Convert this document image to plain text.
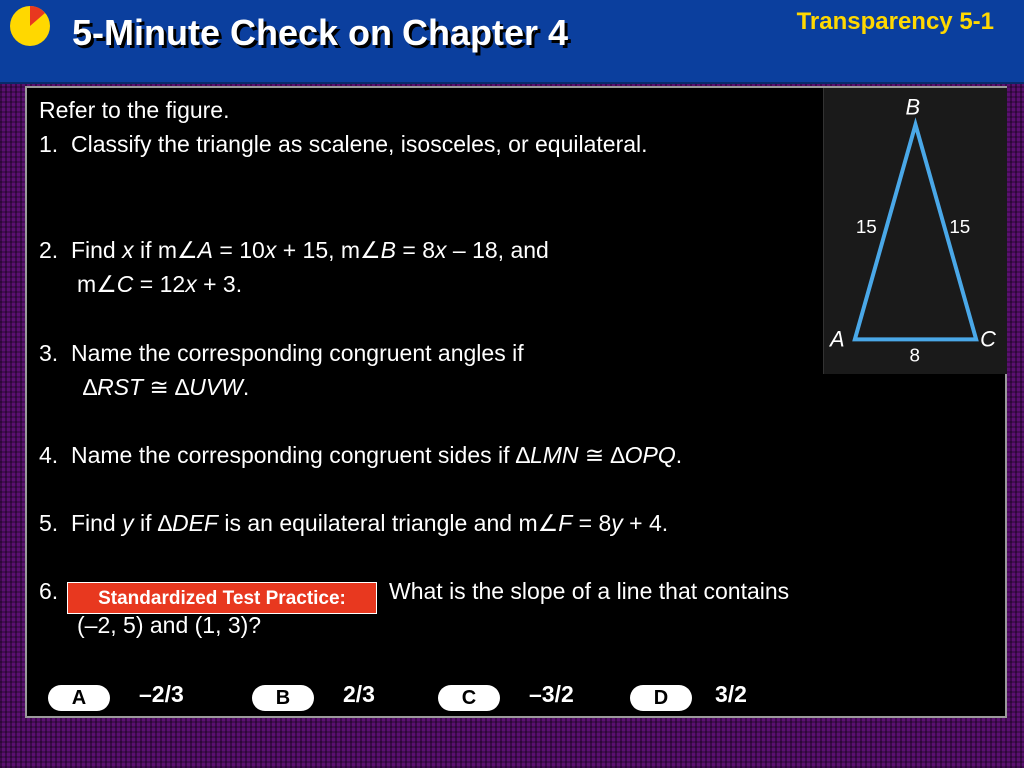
5-Minute Check on Chapter 4	Transparency 5-1
Refer to the figure.
1. Classify the triangle as scalene, isosceles, or equilateral.
2. Find x if m∠A = 10x + 15, m∠B = 8x – 18, and
m∠C = 12x + 3.
3. Name the corresponding congruent angles if
∆RST ≅ ∆UVW.
4. Name the corresponding congruent sides if ∆LMN ≅ ∆OPQ.
5. Find y if ∆DEF is an equilateral triangle and m∠F = 8y + 4.
6.	Standardized Test Practice:	What is the slope of a line that contains
(–2, 5) and (1, 3)?
A	–2/3	B	2/3	C	–3/2	D	3/2
B
A	C
15	15
8
